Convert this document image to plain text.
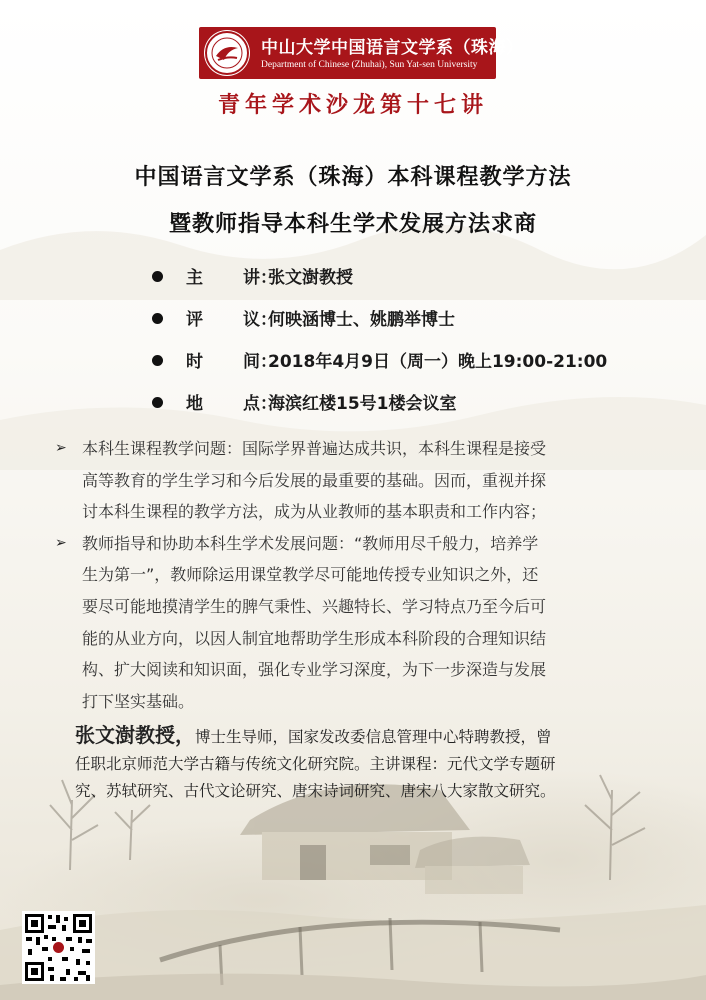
中山大学中国语言文学系（珠海）
Department of Chinese (Zhuhai), Sun Yat-sen University
青年学术沙龙第十七讲
中国语言文学系（珠海）本科课程教学方法
暨教师指导本科生学术发展方法求商
主 讲：张文澍教授
评 议：何映涵博士、姚鹏举博士
时 间：2018年4月9日（周一）晚上19:00-21:00
地 点：海滨红楼15号1楼会议室
➢ 本科生课程教学问题：国际学界普遍达成共识，本科生课程是接受
高等教育的学生学习和今后发展的最重要的基础。因而，重视并探
讨本科生课程的教学方法，成为从业教师的基本职责和工作内容；
➢ 教师指导和协助本科生学术发展问题：“教师用尽千般力，培养学
生为第一”，教师除运用课堂教学尽可能地传授专业知识之外，还
要尽可能地摸清学生的脾气秉性、兴趣特长、学习特点乃至今后可
能的从业方向，以因人制宜地帮助学生形成本科阶段的合理知识结
构、扩大阅读和知识面，强化专业学习深度，为下一步深造与发展
打下坚实基础。
张文澍教授，博士生导师，国家发改委信息管理中心特聘教授，曾
任职北京师范大学古籍与传统文化研究院。主讲课程：元代文学专题研
究、苏轼研究、古代文论研究、唐宋诗词研究、唐宋八大家散文研究。
